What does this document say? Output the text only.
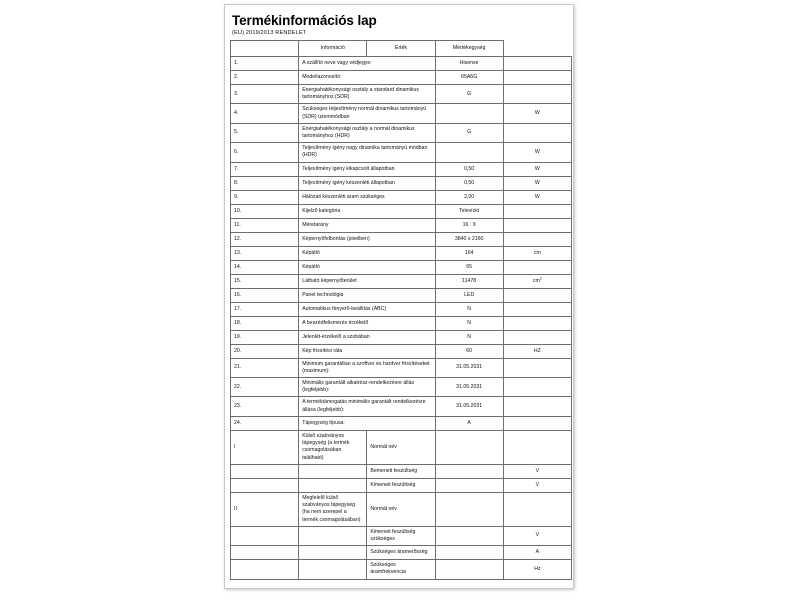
Termékinformációs lap
(EU) 2019/2013 RENDELET
	Információ	Érték	Mértékegység	
1.	A szállító neve vagy védjegye:		Hisense	
2.	Modellazonosító:		65A6G	
3.	Energiahatékonysági osztály a standard dinamikus tartományhoz (SDR)		G	
4.	Szükséges teljesítmény normál dinamikus tartományú (SDR) üzemmódban			W
5.	Energiahatékonysági osztály a normál dinamikus tartományhoz (HDR)		G	
6.	Teljesítmény igény nagy dinamika tartományú módban (HDR)			W
7.	Teljesítmény igény kikapcsolt állapotban		0,50	W
8.	Teljesítmény igény készenléti állapotban		0,50	W
9.	Hálózati készenléti áram szükséges		2,00	W
10.	Kijelző kategória		Televízió	
11.	Méretarány		16 : 9	
12.	Képernyőfelbontás (pixelben)		3840 x 2160	
13.	Képátló		164	cm
14.	Képátló		65	
15.	Látható képernyőterület		11478	$cm^2$
16.	Panel technológia		LED	
17.	Automatikus fényerő-beállítás (ABC)		N	
18.	A beszédfelismerés érzékelő		N	
19.	Jelenlét-érzékelő a szobában		N	
20.	Kép frissítési ráta		60	HZ
21.	Minimum garantáltan a szoftver és hardver frissítéseket (maximum):		31.05.2031	
22.	Minimális garantált alkatrész-rendelkezésre állás (legfeljebb):		31.05.2031	
23.	A terméktámogatás minimális garantált rendelkezésre állása (legfeljebb):		31.05.2031	
24.	Tápegység típusa:		A	
I	Külső szabványos tápegység (a termék csomagolásában található)	Normál név		
		Bemeneti feszültség		V
		Kimeneti feszültség		V
II	Megfelelő külső szabványos tápegység (ha nem szerepel a termék csomagolásában)	Normál név		
		Kimeneti feszültség szükséges		V
		Szükséges áramerősség		A
		Szükséges áramfrekvencia		Hz
